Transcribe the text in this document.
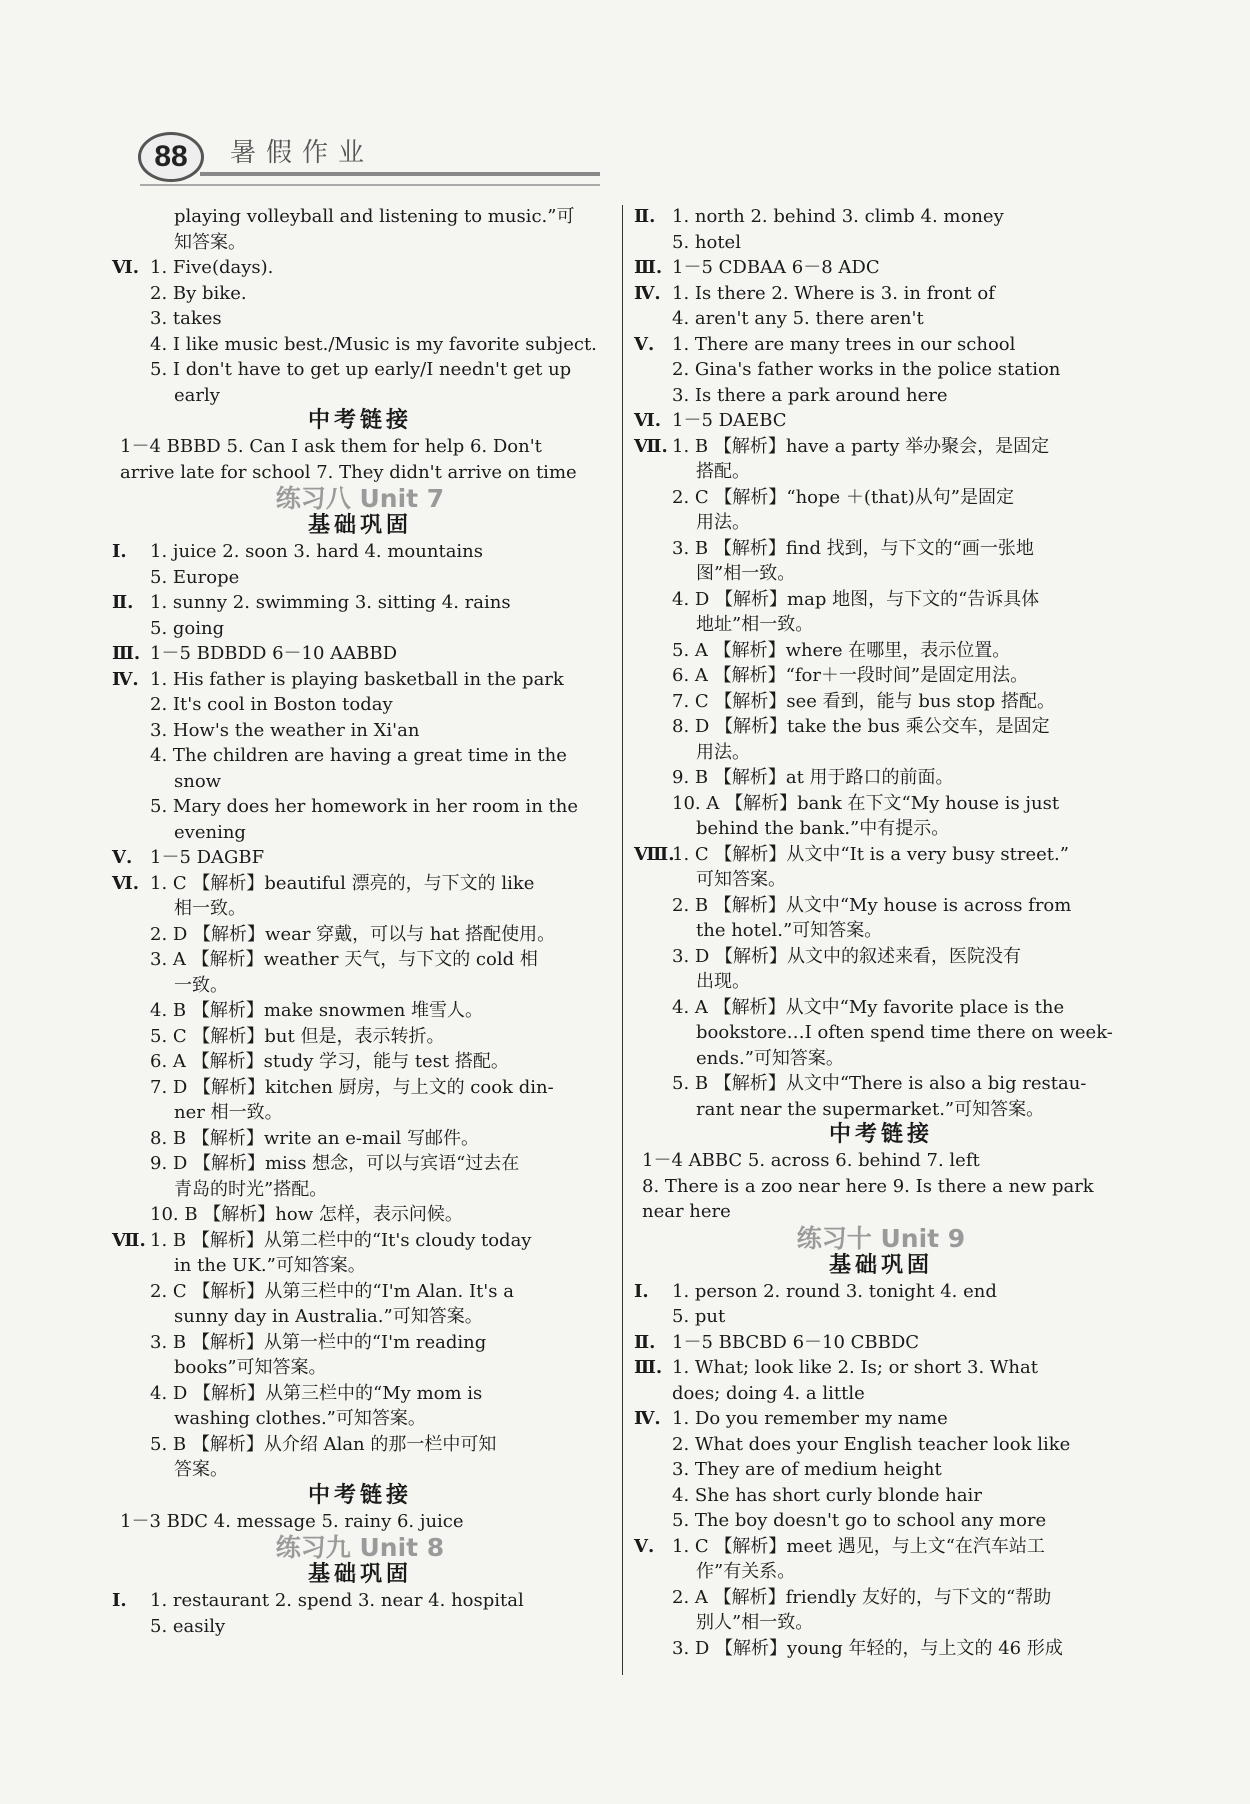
88	暑假作业
playing volleyball and listening to music.”可
知答案。
Ⅵ. 1. Five(days).
2. By bike.
3. takes
4. I like music best./Music is my favorite subject.
5. I don't have to get up early/I needn't get up
early
中考链接
1－4 BBBD 5. Can I ask them for help 6. Don't
arrive late for school 7. They didn't arrive on time
练习八 Unit 7
基础巩固
Ⅰ. 1. juice 2. soon 3. hard 4. mountains
5. Europe
Ⅱ. 1. sunny 2. swimming 3. sitting 4. rains
5. going
Ⅲ. 1－5 BDBDD 6－10 AABBD
Ⅳ. 1. His father is playing basketball in the park
2. It's cool in Boston today
3. How's the weather in Xi'an
4. The children are having a great time in the
snow
5. Mary does her homework in her room in the
evening
Ⅴ. 1－5 DAGBF
Ⅵ. 1. C 【解析】beautiful 漂亮的，与下文的 like
相一致。
2. D 【解析】wear 穿戴，可以与 hat 搭配使用。
3. A 【解析】weather 天气，与下文的 cold 相
一致。
4. B 【解析】make snowmen 堆雪人。
5. C 【解析】but 但是，表示转折。
6. A 【解析】study 学习，能与 test 搭配。
7. D 【解析】kitchen 厨房，与上文的 cook din-
ner 相一致。
8. B 【解析】write an e-mail 写邮件。
9. D 【解析】miss 想念，可以与宾语“过去在
青岛的时光”搭配。
10. B 【解析】how 怎样，表示问候。
Ⅶ. 1. B 【解析】从第二栏中的“It's cloudy today
in the UK.”可知答案。
2. C 【解析】从第三栏中的“I'm Alan. It's a
sunny day in Australia.”可知答案。
3. B 【解析】从第一栏中的“I'm reading
books”可知答案。
4. D 【解析】从第三栏中的“My mom is
washing clothes.”可知答案。
5. B 【解析】从介绍 Alan 的那一栏中可知
答案。
中考链接
1－3 BDC 4. message 5. rainy 6. juice
练习九 Unit 8
基础巩固
Ⅰ. 1. restaurant 2. spend 3. near 4. hospital
5. easily
Ⅱ. 1. north 2. behind 3. climb 4. money
5. hotel
Ⅲ. 1－5 CDBAA 6－8 ADC
Ⅳ. 1. Is there 2. Where is 3. in front of
4. aren't any 5. there aren't
Ⅴ. 1. There are many trees in our school
2. Gina's father works in the police station
3. Is there a park around here
Ⅵ. 1－5 DAEBC
Ⅶ. 1. B 【解析】have a party 举办聚会，是固定
搭配。
2. C 【解析】“hope ＋(that)从句”是固定
用法。
3. B 【解析】find 找到，与下文的“画一张地
图”相一致。
4. D 【解析】map 地图，与下文的“告诉具体
地址”相一致。
5. A 【解析】where 在哪里，表示位置。
6. A 【解析】“for＋一段时间”是固定用法。
7. C 【解析】see 看到，能与 bus stop 搭配。
8. D 【解析】take the bus 乘公交车，是固定
用法。
9. B 【解析】at 用于路口的前面。
10. A 【解析】bank 在下文“My house is just
behind the bank.”中有提示。
Ⅷ.
1. C 【解析】从文中“It is a very busy street.”
可知答案。
2. B 【解析】从文中“My house is across from
the hotel.”可知答案。
3. D 【解析】从文中的叙述来看，医院没有
出现。
4. A 【解析】从文中“My favorite place is the
bookstore…I often spend time there on week-
ends.”可知答案。
5. B 【解析】从文中“There is also a big restau-
rant near the supermarket.”可知答案。
中考链接
1－4 ABBC 5. across 6. behind 7. left
8. There is a zoo near here 9. Is there a new park
near here
练习十 Unit 9
基础巩固
Ⅰ. 1. person 2. round 3. tonight 4. end
5. put
Ⅱ. 1－5 BBCBD 6－10 CBBDC
Ⅲ. 1. What; look like 2. Is; or short 3. What
does; doing 4. a little
Ⅳ. 1. Do you remember my name
2. What does your English teacher look like
3. They are of medium height
4. She has short curly blonde hair
5. The boy doesn't go to school any more
Ⅴ. 1. C 【解析】meet 遇见，与上文“在汽车站工
作”有关系。
2. A 【解析】friendly 友好的，与下文的“帮助
别人”相一致。
3. D 【解析】young 年轻的，与上文的 46 形成
